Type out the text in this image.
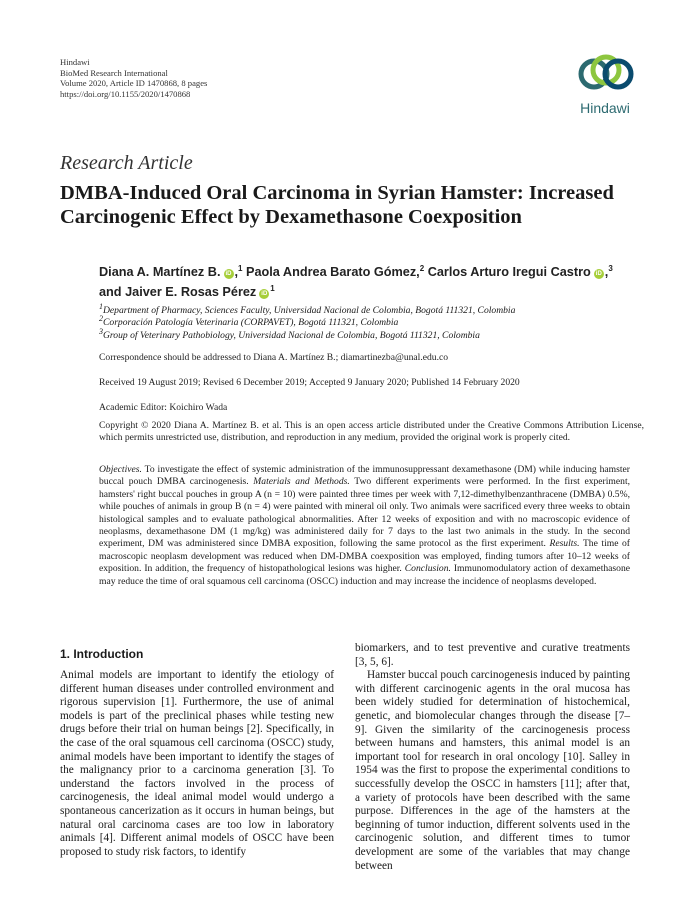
Hindawi
BioMed Research International
Volume 2020, Article ID 1470868, 8 pages
https://doi.org/10.1155/2020/1470868
Hindawi
Research Article
DMBA-Induced Oral Carcinoma in Syrian Hamster: Increased Carcinogenic Effect by Dexamethasone Coexposition
Diana A. Martínez B. iD ,$^1$ Paola Andrea Barato Gómez,$^2$ Carlos Arturo Iregui Castro iD ,$^3$
and Jaiver E. Rosas Pérez $iD^1$
$^1$Department of Pharmacy, Sciences Faculty, Universidad Nacional de Colombia, Bogotá 111321, Colombia
$^2$Corporación Patología Veterinaria (CORPAVET), Bogotá 111321, Colombia
$^3$Group of Veterinary Pathobiology, Universidad Nacional de Colombia, Bogotá 111321, Colombia
Correspondence should be addressed to Diana A. Martínez B.; diamartinezba@unal.edu.co
Received 19 August 2019; Revised 6 December 2019; Accepted 9 January 2020; Published 14 February 2020
Academic Editor: Koichiro Wada
Copyright © 2020 Diana A. Martínez B. et al. This is an open access article distributed under the Creative Commons Attribution License, which permits unrestricted use, distribution, and reproduction in any medium, provided the original work is properly cited.
Objectives. To investigate the effect of systemic administration of the immunosuppressant dexamethasone (DM) while inducing hamster buccal pouch DMBA carcinogenesis. Materials and Methods. Two different experiments were performed. In the first experiment, hamsters' right buccal pouches in group A (n = 10) were painted three times per week with 7,12-dimethylbenzanthracene (DMBA) 0.5%, while pouches of animals in group B (n = 4) were painted with mineral oil only. Two animals were sacrificed every three weeks to obtain histological samples and to evaluate pathological abnormalities. After 12 weeks of exposition and with no macroscopic evidence of neoplasms, dexamethasone DM (1 mg/kg) was administered daily for 7 days to the last two animals in the study. In the second experiment, DM was administered since DMBA exposition, following the same protocol as the first experiment. Results. The time of macroscopic neoplasm development was reduced when DM-DMBA coexposition was employed, finding tumors after 10–12 weeks of exposition. In addition, the frequency of histopathological lesions was higher. Conclusion. Immunomodulatory action of dexamethasone may reduce the time of oral squamous cell carcinoma (OSCC) induction and may increase the incidence of neoplasms developed.
1. Introduction

Animal models are important to identify the etiology of different human diseases under controlled environment and rigorous supervision [1]. Furthermore, the use of animal models is part of the preclinical phases while testing new drugs before their trial on human beings [2]. Specifically, in the case of the oral squamous cell carcinoma (OSCC) study, animal models have been important to identify the stages of the malignancy prior to a carcinoma generation [3]. To understand the factors involved in the process of carcinogenesis, the ideal animal model would undergo a spontaneous cancerization as it occurs in human beings, but natural oral carcinoma cases are too low in laboratory animals [4]. Different animal models of OSCC have been proposed to study risk factors, to identify

biomarkers, and to test preventive and curative treatments [3, 5, 6].

Hamster buccal pouch carcinogenesis induced by painting with different carcinogenic agents in the oral mucosa has been widely studied for determination of histochemical, genetic, and biomolecular changes through the disease [7–9]. Given the similarity of the carcinogenesis process between humans and hamsters, this animal model is an important tool for research in oral oncology [10]. Salley in 1954 was the first to propose the experimental conditions to successfully develop the OSCC in hamsters [11]; after that, a variety of protocols have been described with the same purpose. Differences in the age of the hamsters at the beginning of tumor induction, different solvents used in the carcinogenic solution, and different times to tumor development are some of the variables that may change between
